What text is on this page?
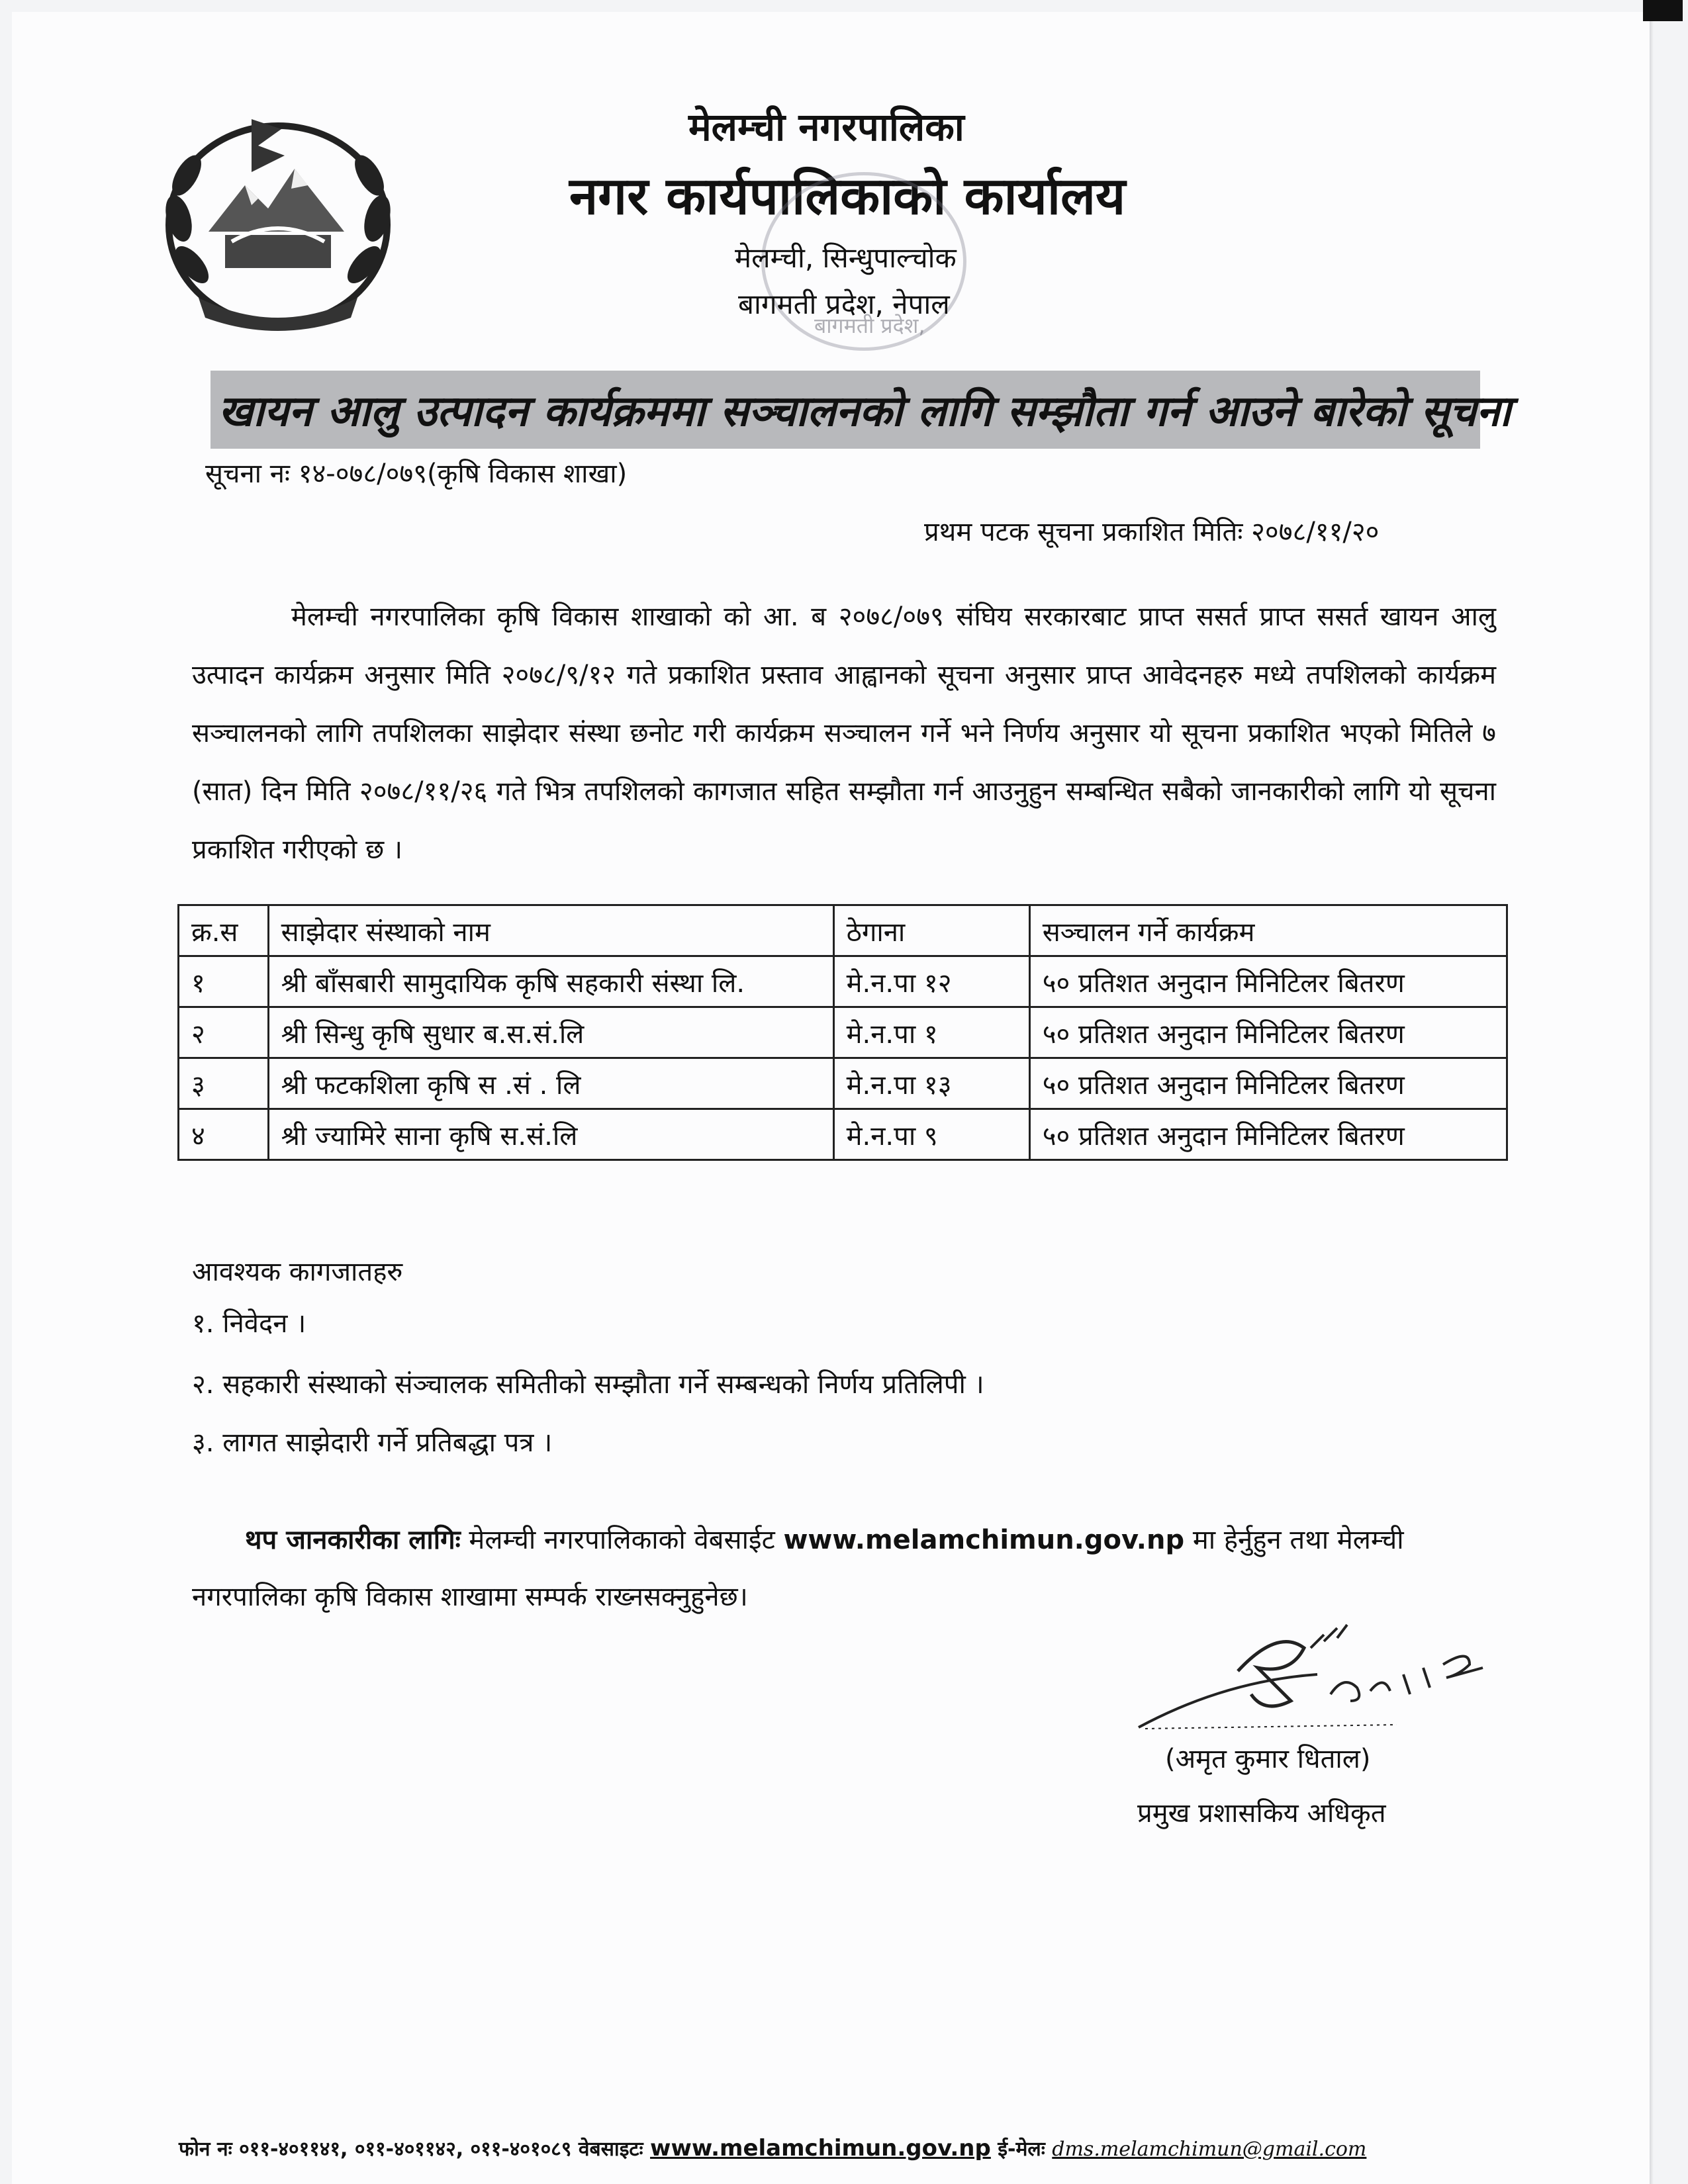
मेलम्ची नगरपालिका
नगर कार्यपालिकाको कार्यालय
मेलम्ची, सिन्धुपाल्चोक
बागमती प्रदेश, नेपाल
बागमती प्रदेश,
खायन आलु उत्पादन कार्यक्रममा सञ्चालनको लागि सम्झौता गर्न आउने बारेको सूचना
सूचना नः १४-०७८/०७९(कृषि विकास शाखा)
प्रथम पटक सूचना प्रकाशित मितिः २०७८/११/२०
मेलम्ची नगरपालिका कृषि विकास शाखाको को आ. ब २०७८/०७९ संघिय सरकारबाट प्राप्त ससर्त प्राप्त ससर्त खायन आलु उत्पादन कार्यक्रम अनुसार मिति २०७८/९/१२ गते प्रकाशित प्रस्ताव आह्वानको सूचना अनुसार प्राप्त आवेदनहरु मध्ये तपशिलको कार्यक्रम सञ्चालनको लागि तपशिलका साझेदार संस्था छनोट गरी कार्यक्रम सञ्चालन गर्ने भने निर्णय अनुसार यो सूचना प्रकाशित भएको मितिले ७ (सात) दिन मिति २०७८/११/२६ गते भित्र तपशिलको कागजात सहित सम्झौता गर्न आउनुहुन सम्बन्धित सबैको जानकारीको लागि यो सूचना प्रकाशित गरीएको छ ।
क्र.स	साझेदार संस्थाको नाम	ठेगाना	सञ्चालन गर्ने कार्यक्रम
१	श्री बाँसबारी सामुदायिक कृषि सहकारी संस्था लि.	मे.न.पा १२	५० प्रतिशत अनुदान मिनिटिलर बितरण
२	श्री सिन्धु कृषि सुधार ब.स.सं.लि	मे.न.पा १	५० प्रतिशत अनुदान मिनिटिलर बितरण
३	श्री फटकशिला कृषि स .सं . लि	मे.न.पा १३	५० प्रतिशत अनुदान मिनिटिलर बितरण
४	श्री ज्यामिरे साना कृषि स.सं.लि	मे.न.पा ९	५० प्रतिशत अनुदान मिनिटिलर बितरण
आवश्यक कागजातहरु
१. निवेदन ।
२. सहकारी संस्थाको संञ्चालक समितीको सम्झौता गर्ने सम्बन्धको निर्णय प्रतिलिपी ।
३. लागत साझेदारी गर्ने प्रतिबद्धा पत्र ।
थप जानकारीका लागिः मेलम्ची नगरपालिकाको वेबसाईट www.melamchimun.gov.np मा हेर्नुहुन तथा मेलम्ची नगरपालिका कृषि विकास शाखामा सम्पर्क राख्नसक्नुहुनेछ।
(अमृत कुमार धिताल)
प्रमुख प्रशासकिय अधिकृत
फोन नः ०११-४०११४१, ०११-४०११४२, ०११-४०१०८९ वेबसाइटः www.melamchimun.gov.np ई-मेलः dms.melamchimun@gmail.com
